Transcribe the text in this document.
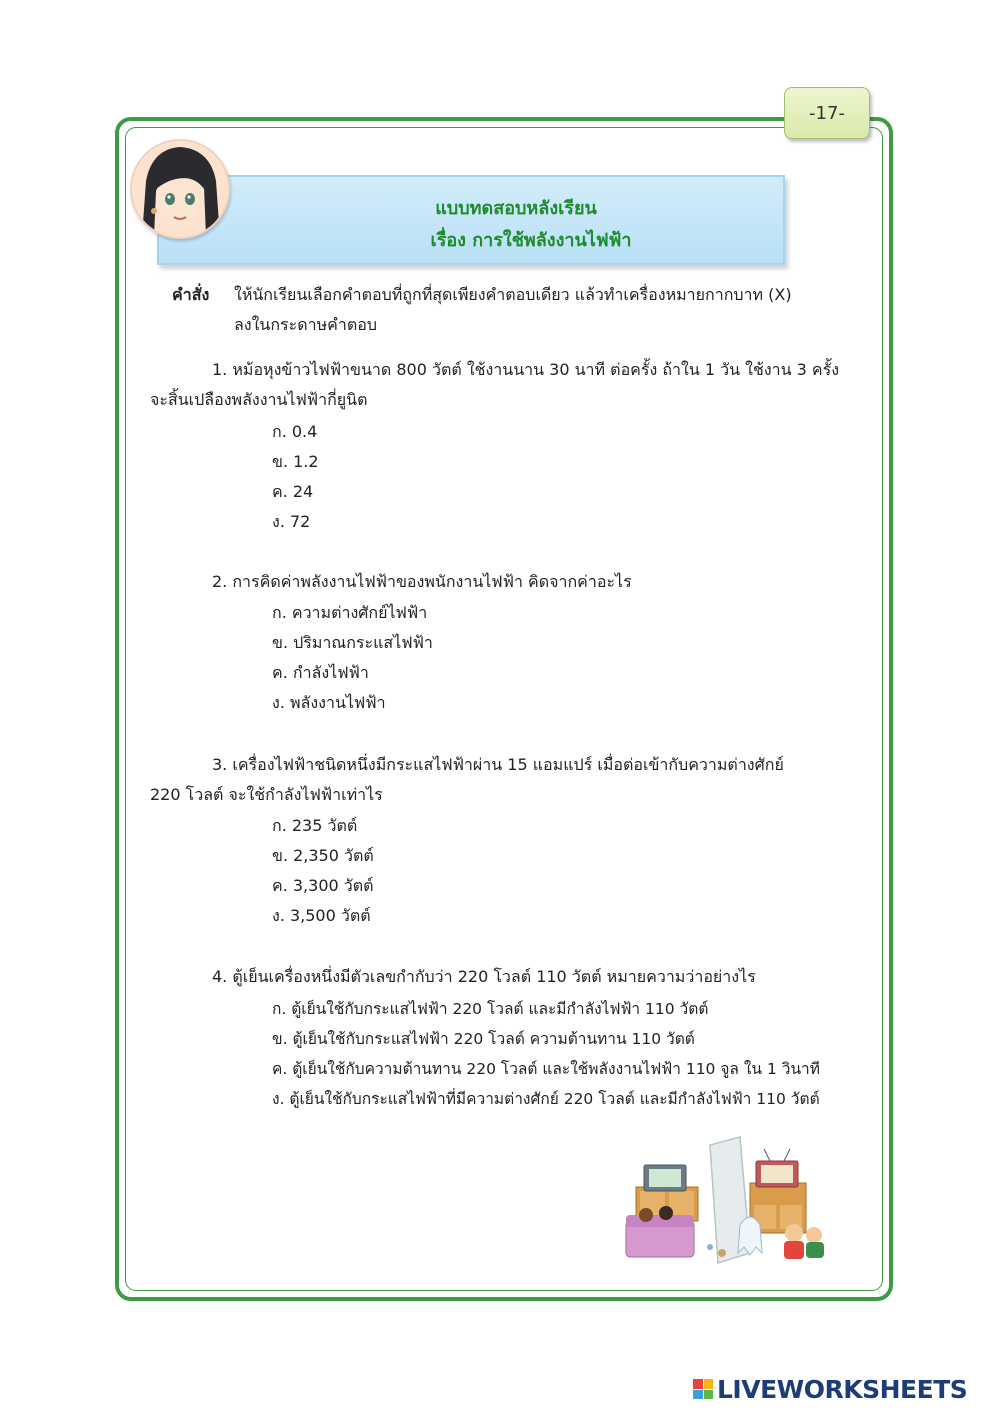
-17-
แบบทดสอบหลังเรียน
เรื่อง การใช้พลังงานไฟฟ้า
คำสั่ง ให้นักเรียนเลือกคำตอบที่ถูกที่สุดเพียงคำตอบเดียว แล้วทำเครื่องหมายกากบาท (X)
ลงในกระดาษคำตอบ
1. หม้อหุงข้าวไฟฟ้าขนาด 800 วัตต์ ใช้งานนาน 30 นาที ต่อครั้ง ถ้าใน 1 วัน ใช้งาน 3 ครั้ง
จะสิ้นเปลืองพลังงานไฟฟ้ากี่ยูนิต
ก. 0.4
ข. 1.2
ค. 24
ง. 72
2. การคิดค่าพลังงานไฟฟ้าของพนักงานไฟฟ้า คิดจากค่าอะไร
ก. ความต่างศักย์ไฟฟ้า
ข. ปริมาณกระแสไฟฟ้า
ค. กำลังไฟฟ้า
ง. พลังงานไฟฟ้า
3. เครื่องไฟฟ้าชนิดหนึ่งมีกระแสไฟฟ้าผ่าน 15 แอมแปร์ เมื่อต่อเข้ากับความต่างศักย์
220 โวลต์ จะใช้กำลังไฟฟ้าเท่าไร
ก. 235 วัตต์
ข. 2,350 วัตต์
ค. 3,300 วัตต์
ง. 3,500 วัตต์
4. ตู้เย็นเครื่องหนึ่งมีตัวเลขกำกับว่า 220 โวลต์ 110 วัตต์ หมายความว่าอย่างไร
ก. ตู้เย็นใช้กับกระแสไฟฟ้า 220 โวลต์ และมีกำลังไฟฟ้า 110 วัตต์
ข. ตู้เย็นใช้กับกระแสไฟฟ้า 220 โวลต์ ความต้านทาน 110 วัตต์
ค. ตู้เย็นใช้กับความต้านทาน 220 โวลต์ และใช้พลังงานไฟฟ้า 110 จูล ใน 1 วินาที
ง. ตู้เย็นใช้กับกระแสไฟฟ้าที่มีความต่างศักย์ 220 โวลต์ และมีกำลังไฟฟ้า 110 วัตต์
LIVEWORKSHEETS
